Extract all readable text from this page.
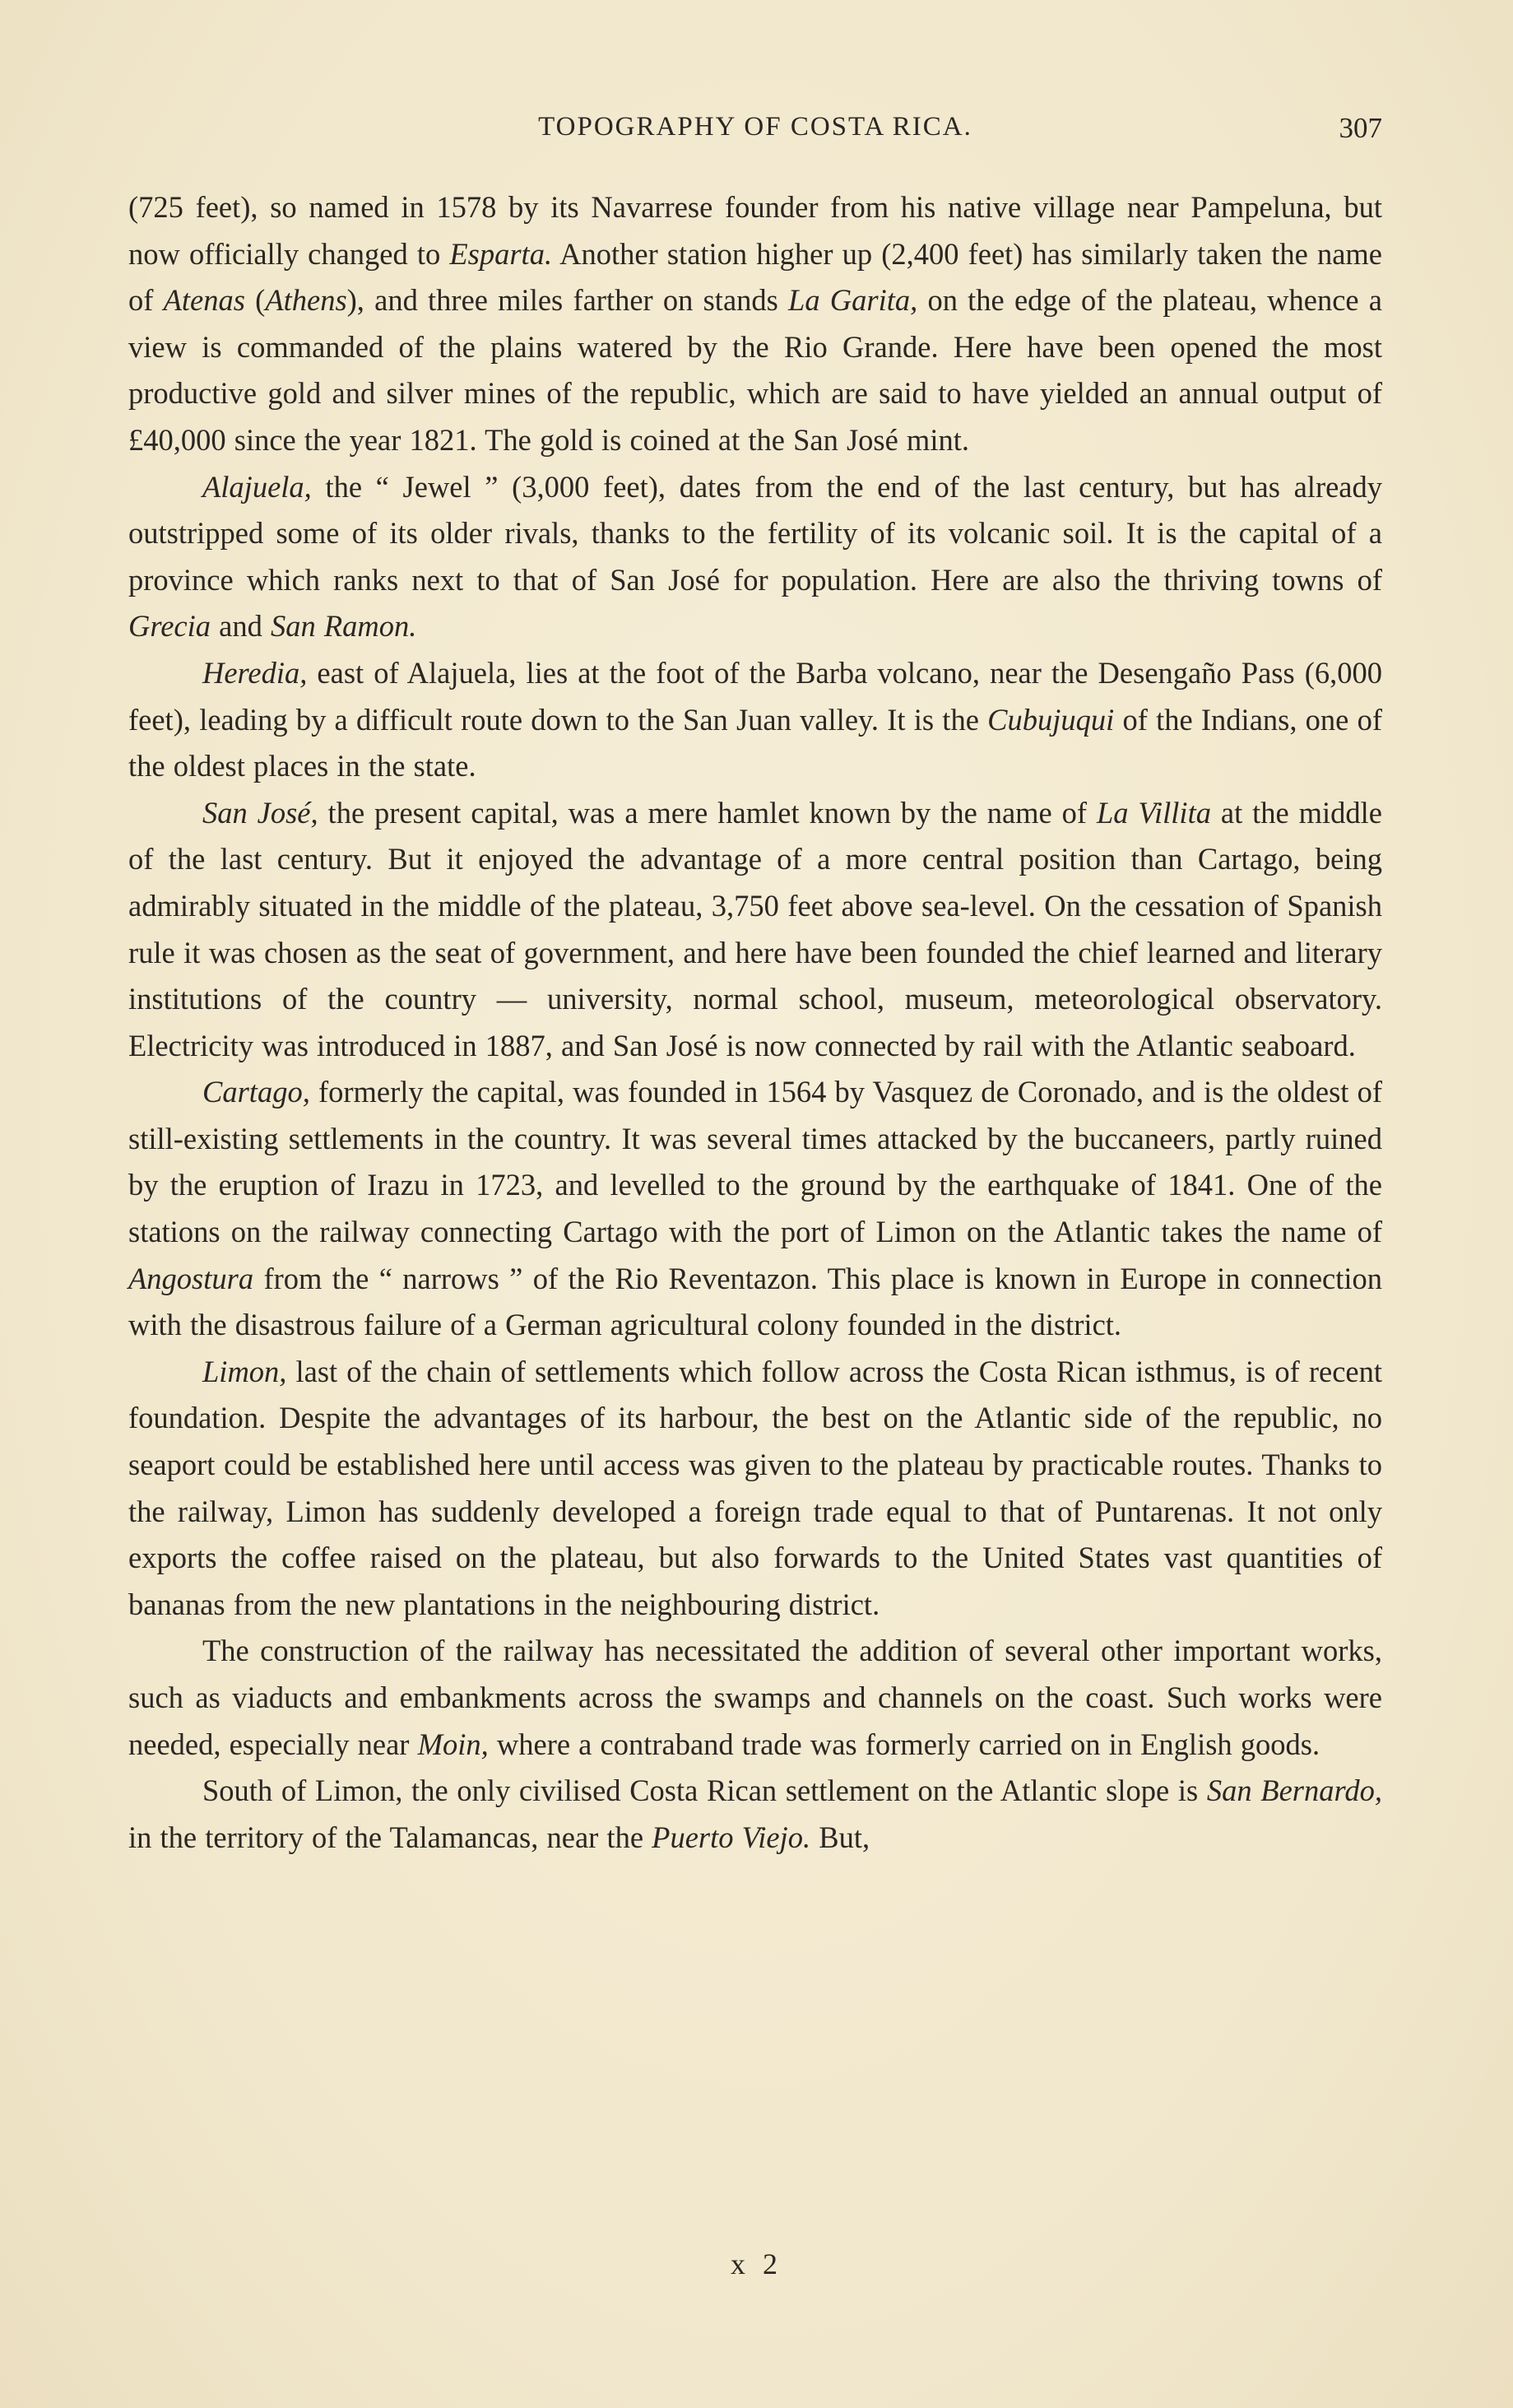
TOPOGRAPHY OF COSTA RICA.	307

(725 feet), so named in 1578 by its Navarrese founder from his native village near Pampeluna, but now officially changed to Esparta. Another station higher up (2,400 feet) has similarly taken the name of Atenas (Athens), and three miles farther on stands La Garita, on the edge of the plateau, whence a view is commanded of the plains watered by the Rio Grande. Here have been opened the most productive gold and silver mines of the republic, which are said to have yielded an annual output of £40,000 since the year 1821. The gold is coined at the San José mint.

Alajuela, the “ Jewel ” (3,000 feet), dates from the end of the last century, but has already outstripped some of its older rivals, thanks to the fertility of its volcanic soil. It is the capital of a province which ranks next to that of San José for population. Here are also the thriving towns of Grecia and San Ramon.

Heredia, east of Alajuela, lies at the foot of the Barba volcano, near the Desengaño Pass (6,000 feet), leading by a difficult route down to the San Juan valley. It is the Cubujuqui of the Indians, one of the oldest places in the state.

San José, the present capital, was a mere hamlet known by the name of La Villita at the middle of the last century. But it enjoyed the advantage of a more central position than Cartago, being admirably situated in the middle of the plateau, 3,750 feet above sea-level. On the cessation of Spanish rule it was chosen as the seat of government, and here have been founded the chief learned and literary institutions of the country — university, normal school, museum, meteorological observatory. Electricity was introduced in 1887, and San José is now connected by rail with the Atlantic seaboard.

Cartago, formerly the capital, was founded in 1564 by Vasquez de Coronado, and is the oldest of still-existing settlements in the country. It was several times attacked by the buccaneers, partly ruined by the eruption of Irazu in 1723, and levelled to the ground by the earthquake of 1841. One of the stations on the railway connecting Cartago with the port of Limon on the Atlantic takes the name of Angostura from the “ narrows ” of the Rio Reventazon. This place is known in Europe in connection with the disastrous failure of a German agricultural colony founded in the district.

Limon, last of the chain of settlements which follow across the Costa Rican isthmus, is of recent foundation. Despite the advantages of its harbour, the best on the Atlantic side of the republic, no seaport could be established here until access was given to the plateau by practicable routes. Thanks to the railway, Limon has suddenly developed a foreign trade equal to that of Puntarenas. It not only exports the coffee raised on the plateau, but also forwards to the United States vast quantities of bananas from the new plantations in the neighbouring district.

The construction of the railway has necessitated the addition of several other important works, such as viaducts and embankments across the swamps and channels on the coast. Such works were needed, especially near Moin, where a contraband trade was formerly carried on in English goods.

South of Limon, the only civilised Costa Rican settlement on the Atlantic slope is San Bernardo, in the territory of the Talamancas, near the Puerto Viejo. But,

x 2
